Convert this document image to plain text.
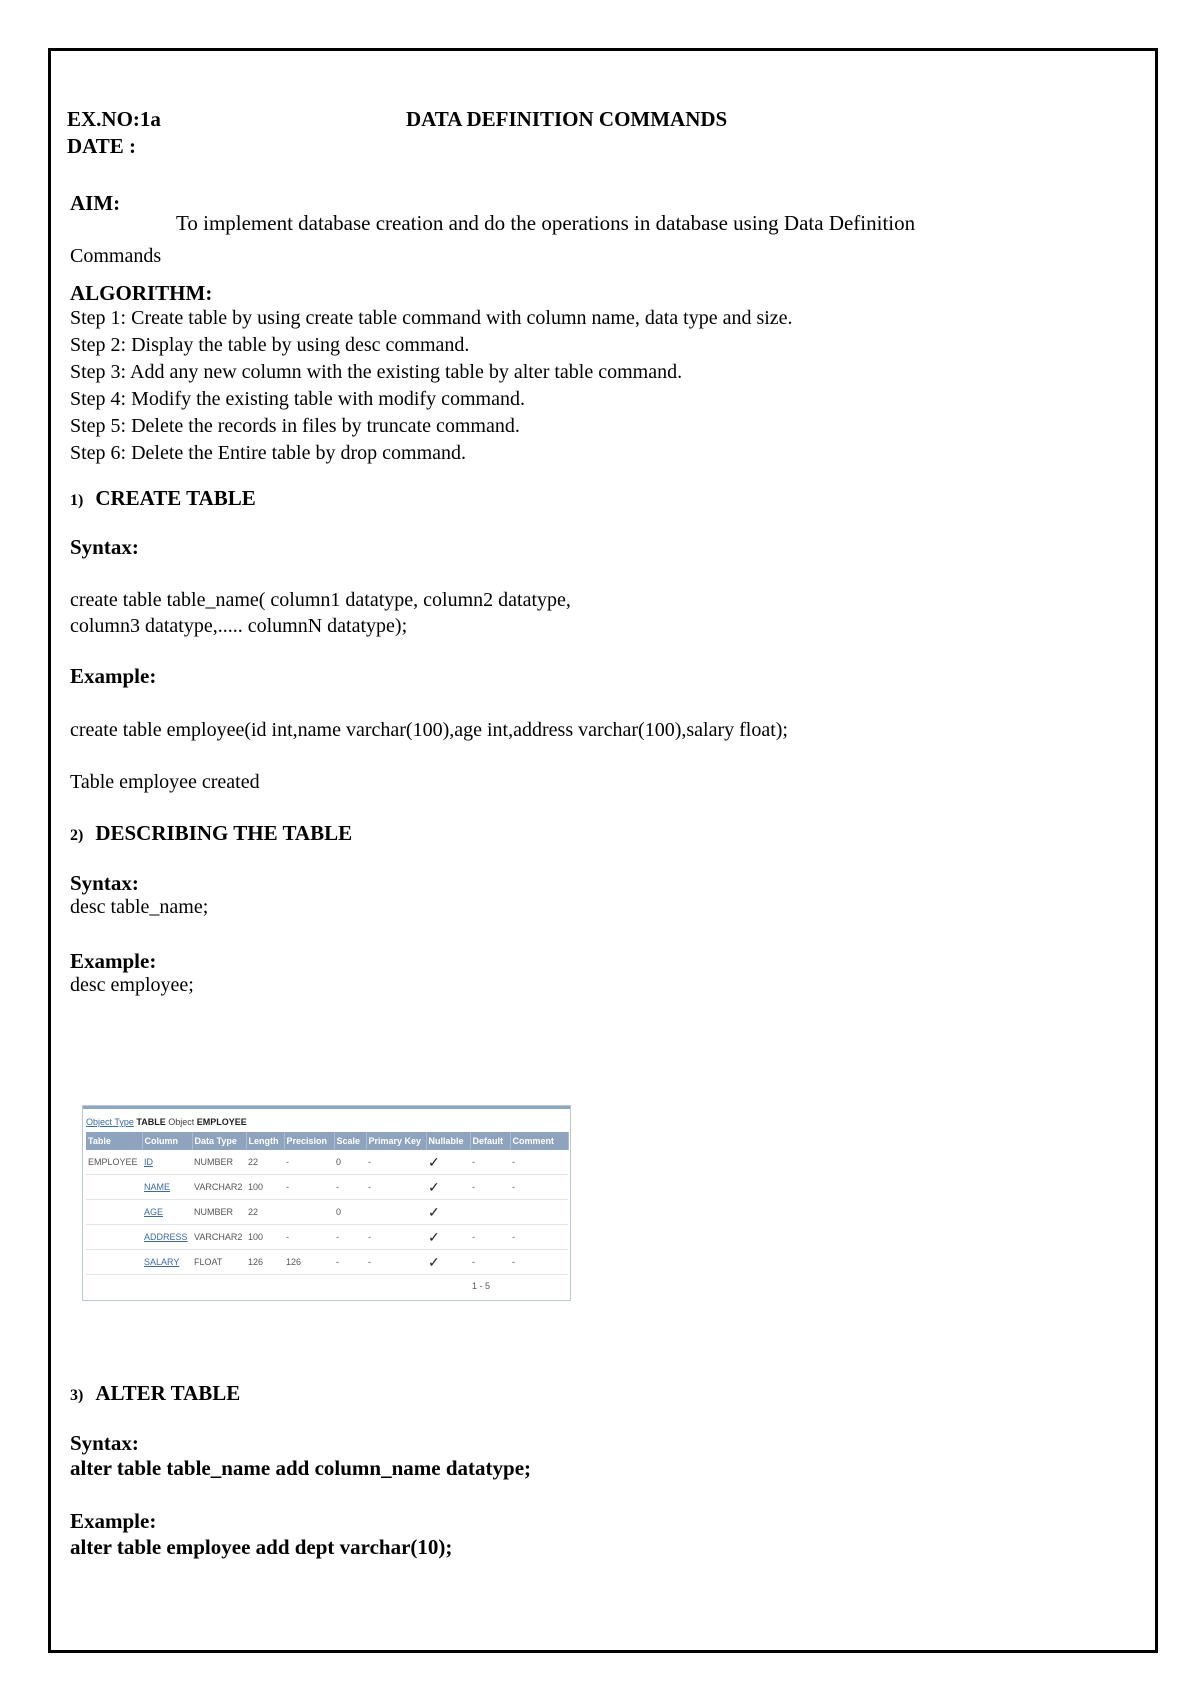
EX.NO:1a	DATA DEFINITION COMMANDS
DATE :
AIM:
To implement database creation and do the operations in database using Data Definition
Commands
ALGORITHM:
Step 1: Create table by using create table command with column name, data type and size.
Step 2: Display the table by using desc command.
Step 3: Add any new column with the existing table by alter table command.
Step 4: Modify the existing table with modify command.
Step 5: Delete the records in files by truncate command.
Step 6: Delete the Entire table by drop command.
1) CREATE TABLE
Syntax:
create table table_name( column1 datatype, column2 datatype,
column3 datatype,..... columnN datatype);
Example:
create table employee(id int,name varchar(100),age int,address varchar(100),salary float);
Table employee created
2) DESCRIBING THE TABLE
Syntax:
desc table_name;
Example:
desc employee;
Object Type TABLE Object EMPLOYEE
Table	Column	Data Type	Length	Precision	Scale	Primary Key	Nullable	Default	Comment
EMPLOYEE	ID	NUMBER	22	-	0	-	✓	-	-
	NAME	VARCHAR2	100	-	-	-	✓	-	-
	AGE	NUMBER	22		0		✓		
	ADDRESS	VARCHAR2	100	-	-	-	✓	-	-
	SALARY	FLOAT	126	126	-	-	✓	-	-
								1 - 5	
3) ALTER TABLE
Syntax:
alter table table_name add column_name datatype;
Example:
alter table employee add dept varchar(10);
